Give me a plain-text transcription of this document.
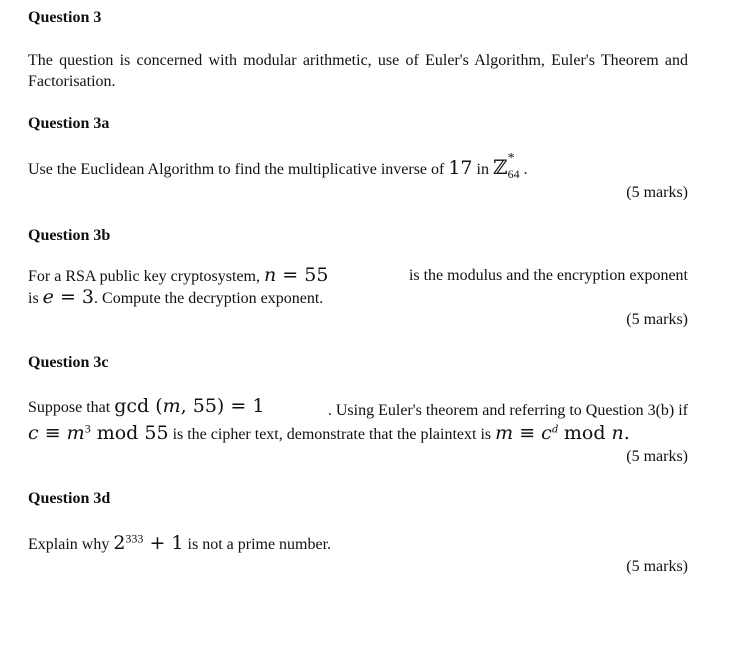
Question 3
The question is concerned with modular arithmetic, use of Euler's Algorithm, Euler's Theorem and Factorisation.
Question 3a
Use the Euclidean Algorithm to find the multiplicative inverse of 17 in ℤ *
64 .
(5 marks)
Question 3b
For a RSA public key cryptosystem, n = 55	is the modulus and the encryption exponent
is e = 3. Compute the decryption exponent.
(5 marks)
Question 3c
Suppose that gcd (m, 55) = 1	. Using Euler's theorem and referring to Question 3(b) if
$c \equiv m^3$ mod 55 is the cipher text, demonstrate that the plaintext is $m \equiv c^d$ mod n.
(5 marks)
Question 3d
Explain why $2^{333} + 1$ is not a prime number.
(5 marks)
